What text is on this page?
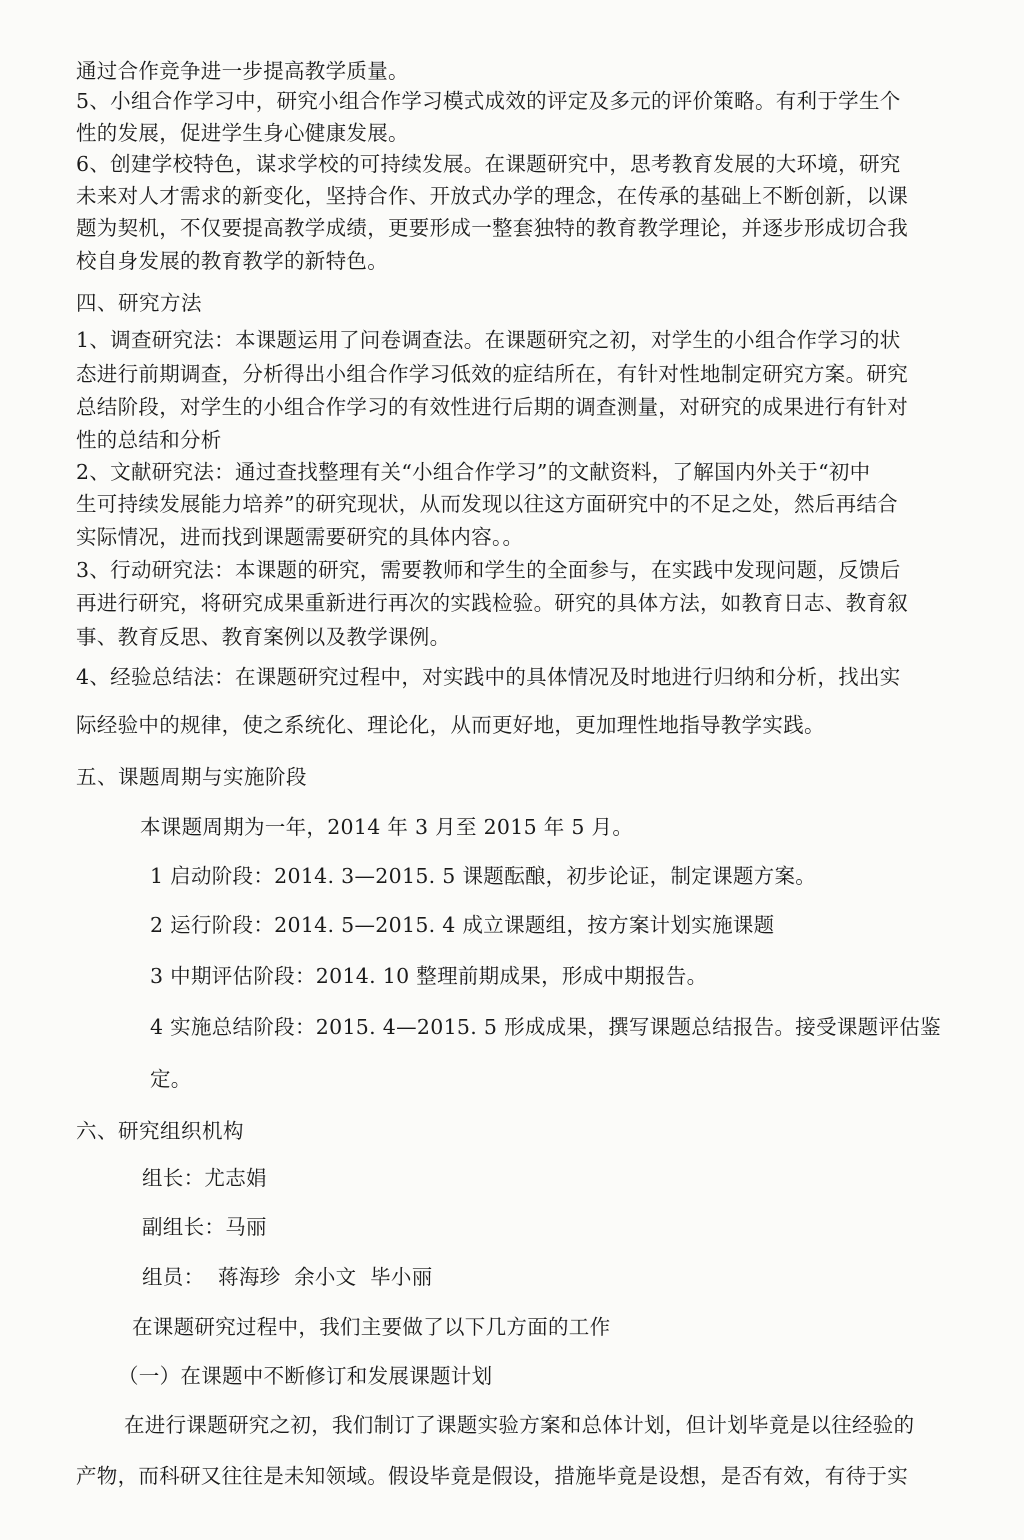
通过合作竞争进一步提高教学质量。
5、小组合作学习中，研究小组合作学习模式成效的评定及多元的评价策略。有利于学生个
性的发展，促进学生身心健康发展。
6、创建学校特色，谋求学校的可持续发展。在课题研究中，思考教育发展的大环境，研究
未来对人才需求的新变化，坚持合作、开放式办学的理念，在传承的基础上不断创新，以课
题为契机，不仅要提高教学成绩，更要形成一整套独特的教育教学理论，并逐步形成切合我
校自身发展的教育教学的新特色。
四、研究方法
1、调查研究法：本课题运用了问卷调查法。在课题研究之初，对学生的小组合作学习的状
态进行前期调查，分析得出小组合作学习低效的症结所在，有针对性地制定研究方案。研究
总结阶段，对学生的小组合作学习的有效性进行后期的调查测量，对研究的成果进行有针对
性的总结和分析
2、文献研究法：通过查找整理有关“小组合作学习”的文献资料，了解国内外关于“初中
生可持续发展能力培养”的研究现状，从而发现以往这方面研究中的不足之处，然后再结合
实际情况，进而找到课题需要研究的具体内容。。
3、行动研究法：本课题的研究，需要教师和学生的全面参与，在实践中发现问题，反馈后
再进行研究，将研究成果重新进行再次的实践检验。研究的具体方法，如教育日志、教育叙
事、教育反思、教育案例以及教学课例。
4、经验总结法：在课题研究过程中，对实践中的具体情况及时地进行归纳和分析，找出实
际经验中的规律，使之系统化、理论化，从而更好地，更加理性地指导教学实践。
五、课题周期与实施阶段
本课题周期为一年，2014 年 3 月至 2015 年 5 月。
1 启动阶段：2014. 3—2015. 5 课题酝酿，初步论证，制定课题方案。
2 运行阶段：2014. 5—2015. 4 成立课题组，按方案计划实施课题
3 中期评估阶段：2014. 10 整理前期成果，形成中期报告。
4 实施总结阶段：2015. 4—2015. 5 形成成果，撰写课题总结报告。接受课题评估鉴
定。
六、研究组织机构
组长：尤志娟
副组长：马丽
组员：  蒋海珍  余小文  毕小丽
在课题研究过程中，我们主要做了以下几方面的工作
（一）在课题中不断修订和发展课题计划
在进行课题研究之初，我们制订了课题实验方案和总体计划，但计划毕竟是以往经验的
产物，而科研又往往是未知领域。假设毕竟是假设，措施毕竟是设想，是否有效，有待于实
